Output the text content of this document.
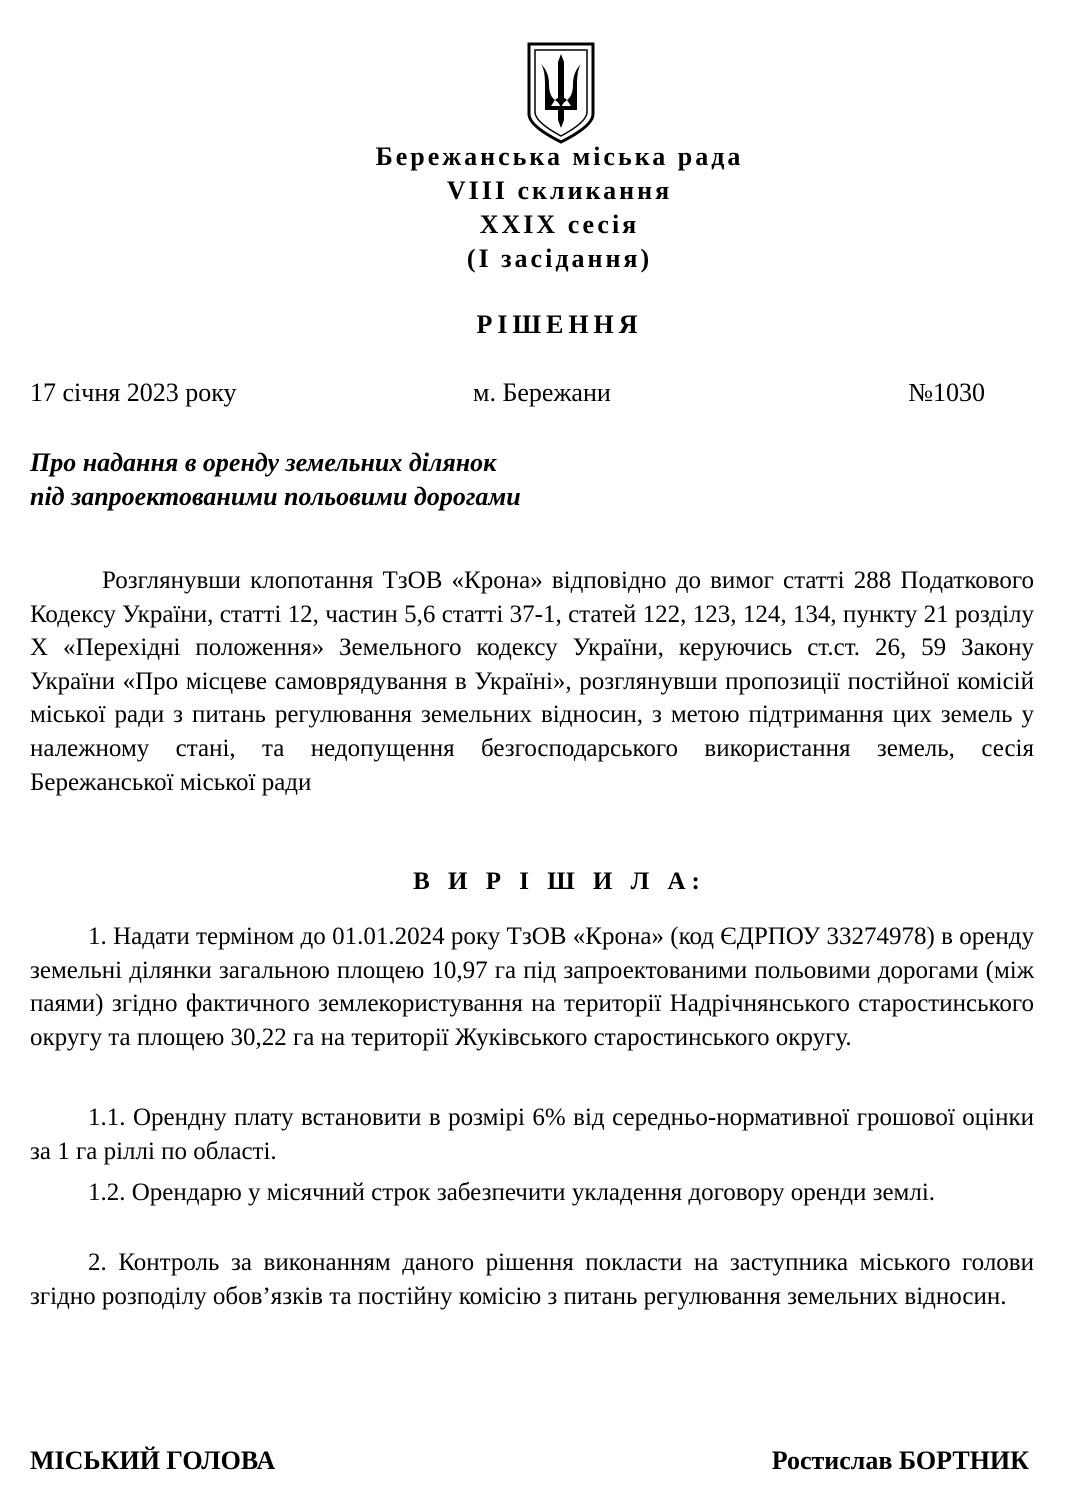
Бережанська міська рада
VIII скликання
XXIX сесія
(І засідання)
РІШЕННЯ
17 січня 2023 року	м. Бережани	№1030
Про надання в оренду земельних ділянок
під запроектованими польовими дорогами
Розглянувши клопотання ТзОВ «Крона» відповідно до вимог статті 288 Податкового Кодексу України, статті 12, частин 5,6 статті 37-1, статей 122, 123, 124, 134, пункту 21 розділу Х «Перехідні положення» Земельного кодексу України, керуючись ст.ст. 26, 59 Закону України «Про місцеве самоврядування в Україні», розглянувши пропозиції постійної комісій міської ради з питань регулювання земельних відносин, з метою підтримання цих земель у належному стані, та недопущення безгосподарського використання земель, сесія Бережанської міської ради
В И Р І Ш И Л А:
1. Надати терміном до 01.01.2024 року ТзОВ «Крона» (код ЄДРПОУ 33274978) в оренду земельні ділянки загальною площею 10,97 га під запроектованими польовими дорогами (між паями) згідно фактичного землекористування на території Надрічнянського старостинського округу та площею 30,22 га на території Жуківського старостинського округу.
1.1. Орендну плату встановити в розмірі 6% від середньо-нормативної грошової оцінки за 1 га ріллі по області.
1.2. Орендарю у місячний строк забезпечити укладення договору оренди землі.
2. Контроль за виконанням даного рішення покласти на заступника міського голови згідно розподілу обов’язків та постійну комісію з питань регулювання земельних відносин.
МІСЬКИЙ ГОЛОВА	Ростислав БОРТНИК
